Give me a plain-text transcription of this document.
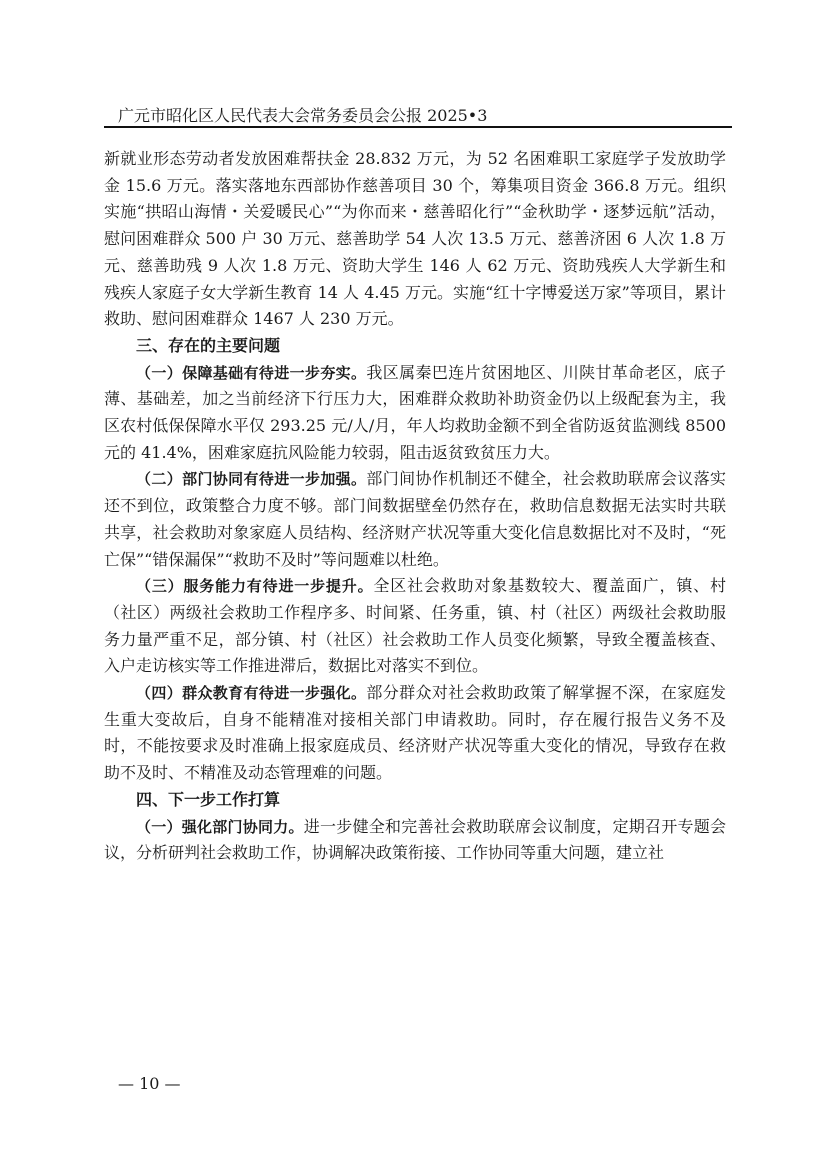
广元市昭化区人民代表大会常务委员会公报 2025•3

新就业形态劳动者发放困难帮扶金 28.832 万元，为 52 名困难职工家庭学子发放助学金 15.6 万元。落实落地东西部协作慈善项目 30 个，筹集项目资金 366.8 万元。组织实施“拱昭山海情・关爱暖民心”“为你而来・慈善昭化行”“金秋助学・逐梦远航”活动，慰问困难群众 500 户 30 万元、慈善助学 54 人次 13.5 万元、慈善济困 6 人次 1.8 万元、慈善助残 9 人次 1.8 万元、资助大学生 146 人 62 万元、资助残疾人大学新生和残疾人家庭子女大学新生教育 14 人 4.45 万元。实施“红十字博爱送万家”等项目，累计救助、慰问困难群众 1467 人 230 万元。

三、存在的主要问题

（一）保障基础有待进一步夯实。我区属秦巴连片贫困地区、川陕甘革命老区，底子薄、基础差，加之当前经济下行压力大，困难群众救助补助资金仍以上级配套为主，我区农村低保保障水平仅 293.25 元/人/月，年人均救助金额不到全省防返贫监测线 8500 元的 41.4%，困难家庭抗风险能力较弱，阻击返贫致贫压力大。

（二）部门协同有待进一步加强。部门间协作机制还不健全，社会救助联席会议落实还不到位，政策整合力度不够。部门间数据壁垒仍然存在，救助信息数据无法实时共联共享，社会救助对象家庭人员结构、经济财产状况等重大变化信息数据比对不及时，“死亡保”“错保漏保”“救助不及时”等问题难以杜绝。

（三）服务能力有待进一步提升。全区社会救助对象基数较大、覆盖面广，镇、村（社区）两级社会救助工作程序多、时间紧、任务重，镇、村（社区）两级社会救助服务力量严重不足，部分镇、村（社区）社会救助工作人员变化频繁，导致全覆盖核查、入户走访核实等工作推进滞后，数据比对落实不到位。

（四）群众教育有待进一步强化。部分群众对社会救助政策了解掌握不深，在家庭发生重大变故后，自身不能精准对接相关部门申请救助。同时，存在履行报告义务不及时，不能按要求及时准确上报家庭成员、经济财产状况等重大变化的情况，导致存在救助不及时、不精准及动态管理难的问题。

四、下一步工作打算

（一）强化部门协同力。进一步健全和完善社会救助联席会议制度，定期召开专题会议，分析研判社会救助工作，协调解决政策衔接、工作协同等重大问题，建立社

— 10 —
